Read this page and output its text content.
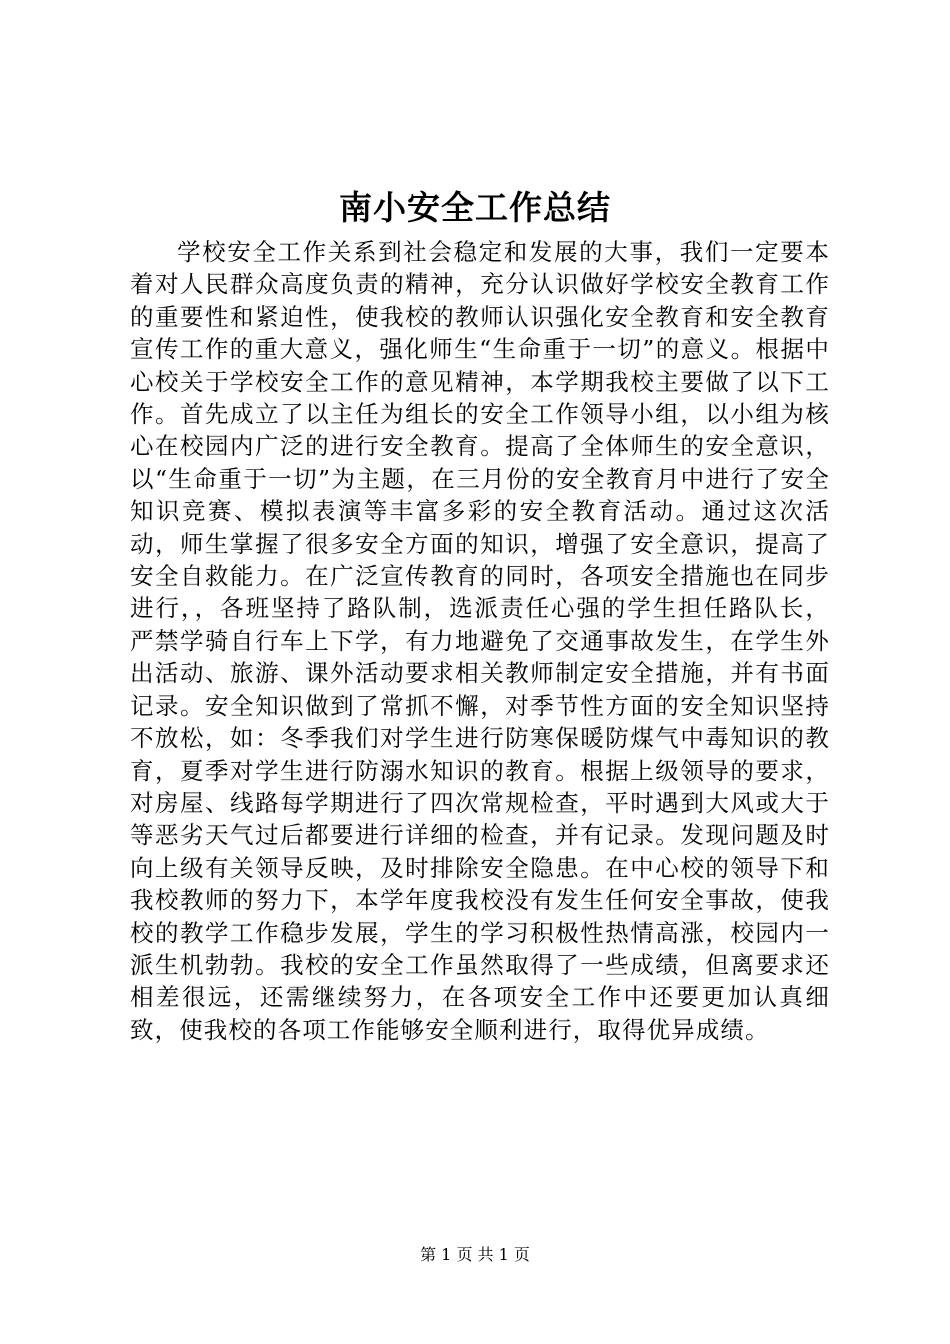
南小安全工作总结

学校安全工作关系到社会稳定和发展的大事，我们一定要本着对人民群众高度负责的精神，充分认识做好学校安全教育工作的重要性和紧迫性，使我校的教师认识强化安全教育和安全教育宣传工作的重大意义，强化师生“生命重于一切”的意义。根据中心校关于学校安全工作的意见精神，本学期我校主要做了以下工作。首先成立了以主任为组长的安全工作领导小组，以小组为核心在校园内广泛的进行安全教育。提高了全体师生的安全意识，以“生命重于一切”为主题，在三月份的安全教育月中进行了安全知识竞赛、模拟表演等丰富多彩的安全教育活动。通过这次活动，师生掌握了很多安全方面的知识，增强了安全意识，提高了安全自救能力。在广泛宣传教育的同时，各项安全措施也在同步进行，，各班坚持了路队制，选派责任心强的学生担任路队长，严禁学骑自行车上下学，有力地避免了交通事故发生，在学生外出活动、旅游、课外活动要求相关教师制定安全措施，并有书面记录。安全知识做到了常抓不懈，对季节性方面的安全知识坚持不放松，如：冬季我们对学生进行防寒保暖防煤气中毒知识的教育，夏季对学生进行防溺水知识的教育。根据上级领导的要求，对房屋、线路每学期进行了四次常规检查，平时遇到大风或大于等恶劣天气过后都要进行详细的检查，并有记录。发现问题及时向上级有关领导反映，及时排除安全隐患。在中心校的领导下和我校教师的努力下，本学年度我校没有发生任何安全事故，使我校的教学工作稳步发展，学生的学习积极性热情高涨，校园内一派生机勃勃。我校的安全工作虽然取得了一些成绩，但离要求还相差很远，还需继续努力，在各项安全工作中还要更加认真细致，使我校的各项工作能够安全顺利进行，取得优异成绩。

第 1 页 共 1 页
